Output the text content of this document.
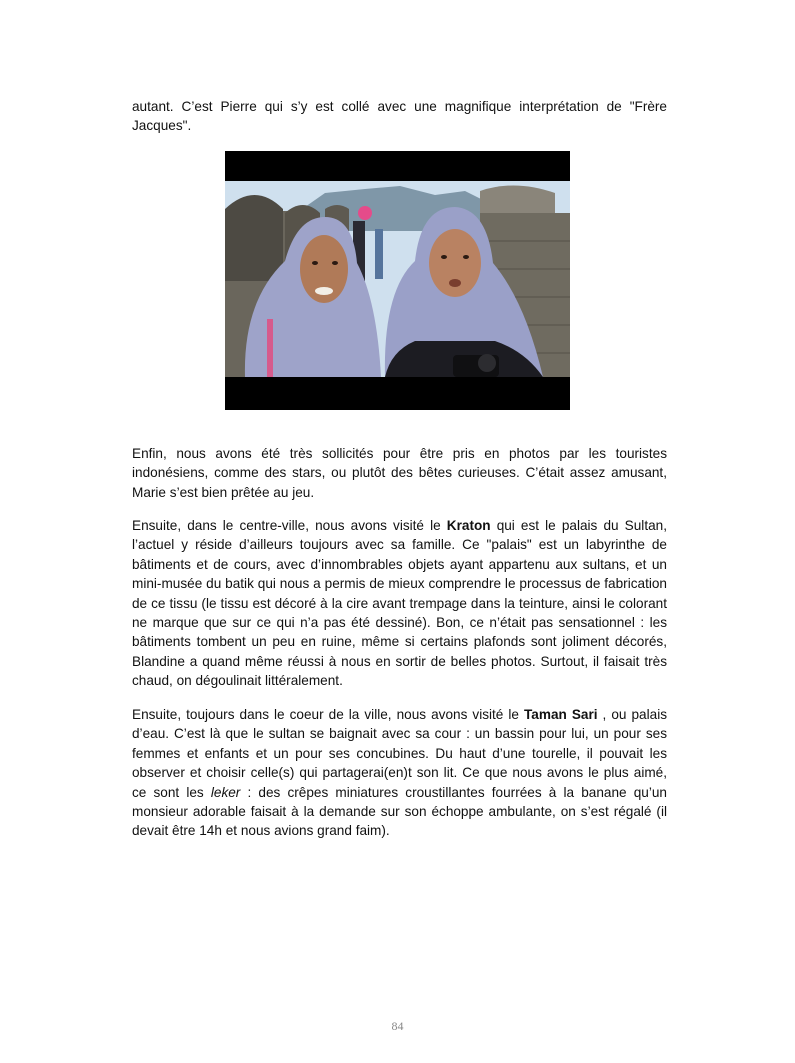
autant. C’est Pierre qui s’y est collé avec une magnifique interprétation de "Frère Jacques".

Enfin, nous avons été très sollicités pour être pris en photos par les touristes indonésiens, comme des stars, ou plutôt des bêtes curieuses. C’était assez amusant, Marie s’est bien prêtée au jeu.

Ensuite, dans le centre-ville, nous avons visité le Kraton qui est le palais du Sultan, l’actuel y réside d’ailleurs toujours avec sa famille. Ce "palais" est un labyrinthe de bâtiments et de cours, avec d’innombrables objets ayant appartenu aux sultans, et un mini-musée du batik qui nous a permis de mieux comprendre le processus de fabrication de ce tissu (le tissu est décoré à la cire avant trempage dans la teinture, ainsi le colorant ne marque que sur ce qui n’a pas été dessiné). Bon, ce n’était pas sensationnel : les bâtiments tombent un peu en ruine, même si certains plafonds sont joliment décorés, Blandine a quand même réussi à nous en sortir de belles photos. Surtout, il faisait très chaud, on dégoulinait littéralement.

Ensuite, toujours dans le coeur de la ville, nous avons visité le Taman Sari , ou palais d’eau. C’est là que le sultan se baignait avec sa cour : un bassin pour lui, un pour ses femmes et enfants et un pour ses concubines. Du haut d’une tourelle, il pouvait les observer et choisir celle(s) qui partagerai(en)t son lit. Ce que nous avons le plus aimé, ce sont les leker : des crêpes miniatures croustillantes fourrées à la banane qu’un monsieur adorable faisait à la demande sur son échoppe ambulante, on s’est régalé (il devait être 14h et nous avions grand faim).

84
